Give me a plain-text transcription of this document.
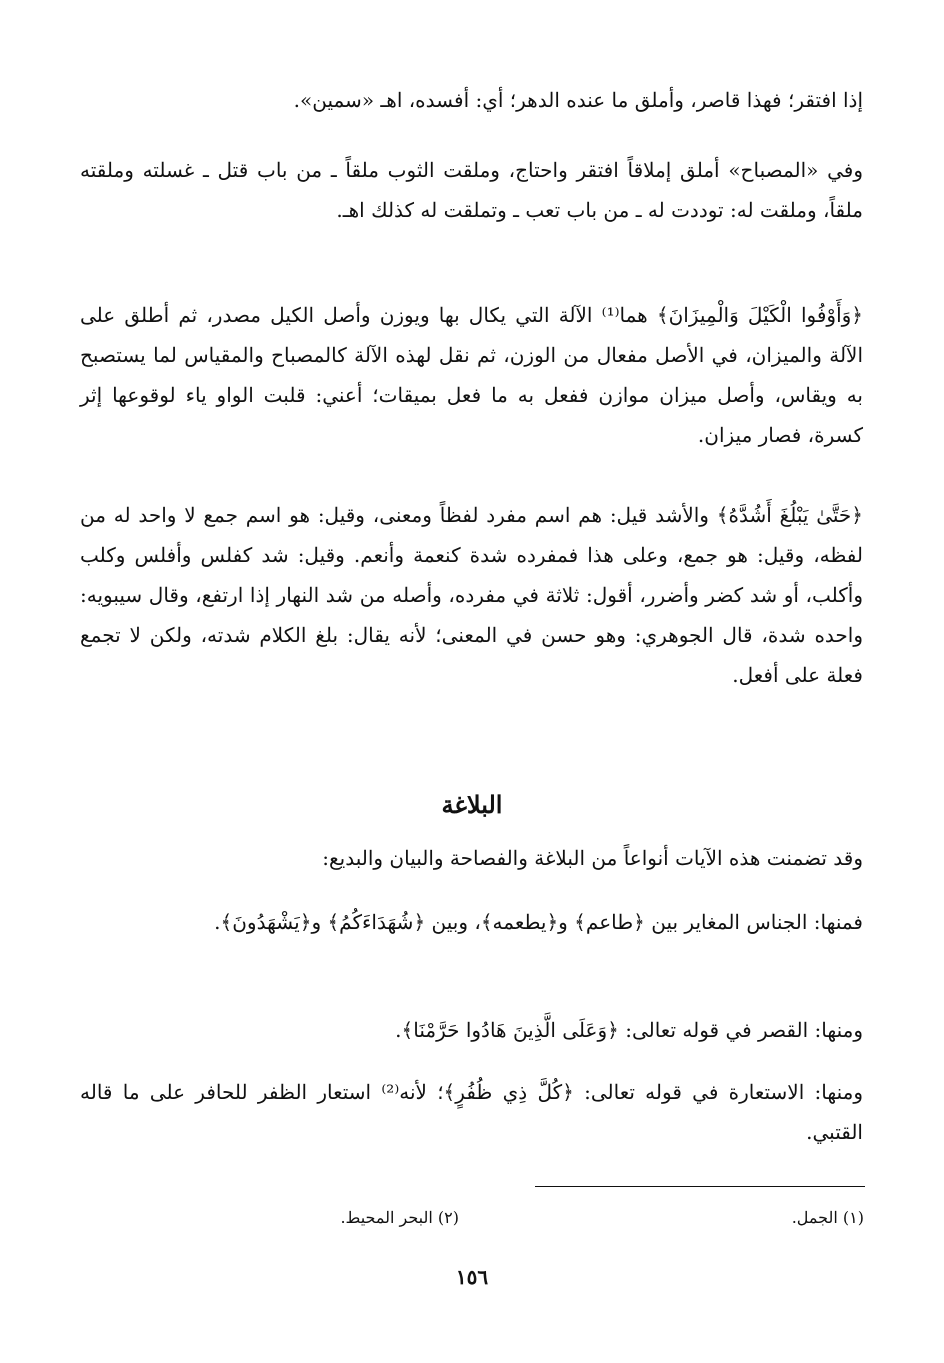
إذا افتقر؛ فهذا قاصر، وأملق ما عنده الدهر؛ أي: أفسده، اهـ «سمين».
وفي «المصباح» أملق إملاقاً افتقر واحتاج، وملقت الثوب ملقاً ـ من باب قتل ـ غسلته وملقته ملقاً، وملقت له: توددت له ـ من باب تعب ـ وتملقت له كذلك اهـ.
﴿وَأَوْفُوا الْكَيْلَ وَالْمِيزَانَ﴾ هما⁽¹⁾ الآلة التي يكال بها ويوزن وأصل الكيل مصدر، ثم أطلق على الآلة والميزان، في الأصل مفعال من الوزن، ثم نقل لهذه الآلة كالمصباح والمقياس لما يستصبح به ويقاس، وأصل ميزان موازن ففعل به ما فعل بميقات؛ أعني: قلبت الواو ياء لوقوعها إثر كسرة، فصار ميزان.
﴿حَتَّىٰ يَبْلُغَ أَشُدَّهُ﴾ والأشد قيل: هم اسم مفرد لفظاً ومعنى، وقيل: هو اسم جمع لا واحد له من لفظه، وقيل: هو جمع، وعلى هذا فمفرده شدة كنعمة وأنعم. وقيل: شد كفلس وأفلس وكلب وأكلب، أو شد كضر وأضرر، أقول: ثلاثة في مفرده، وأصله من شد النهار إذا ارتفع، وقال سيبويه: واحده شدة، قال الجوهري: وهو حسن في المعنى؛ لأنه يقال: بلغ الكلام شدته، ولكن لا تجمع فعلة على أفعل.
البلاغة
وقد تضمنت هذه الآيات أنواعاً من البلاغة والفصاحة والبيان والبديع:
فمنها: الجناس المغاير بين ﴿طاعم﴾ و﴿يطعمه﴾، وبين ﴿شُهَدَاءَكُمُ﴾ و﴿يَشْهَدُونَ﴾.
ومنها: القصر في قوله تعالى: ﴿وَعَلَى الَّذِينَ هَادُوا حَرَّمْنَا﴾.
ومنها: الاستعارة في قوله تعالى: ﴿كُلَّ ذِي ظُفُرٍ﴾؛ لأنه⁽²⁾ استعار الظفر للحافر على ما قاله القتبي.
(١) الجمل.
(٢) البحر المحيط.
١٥٦
